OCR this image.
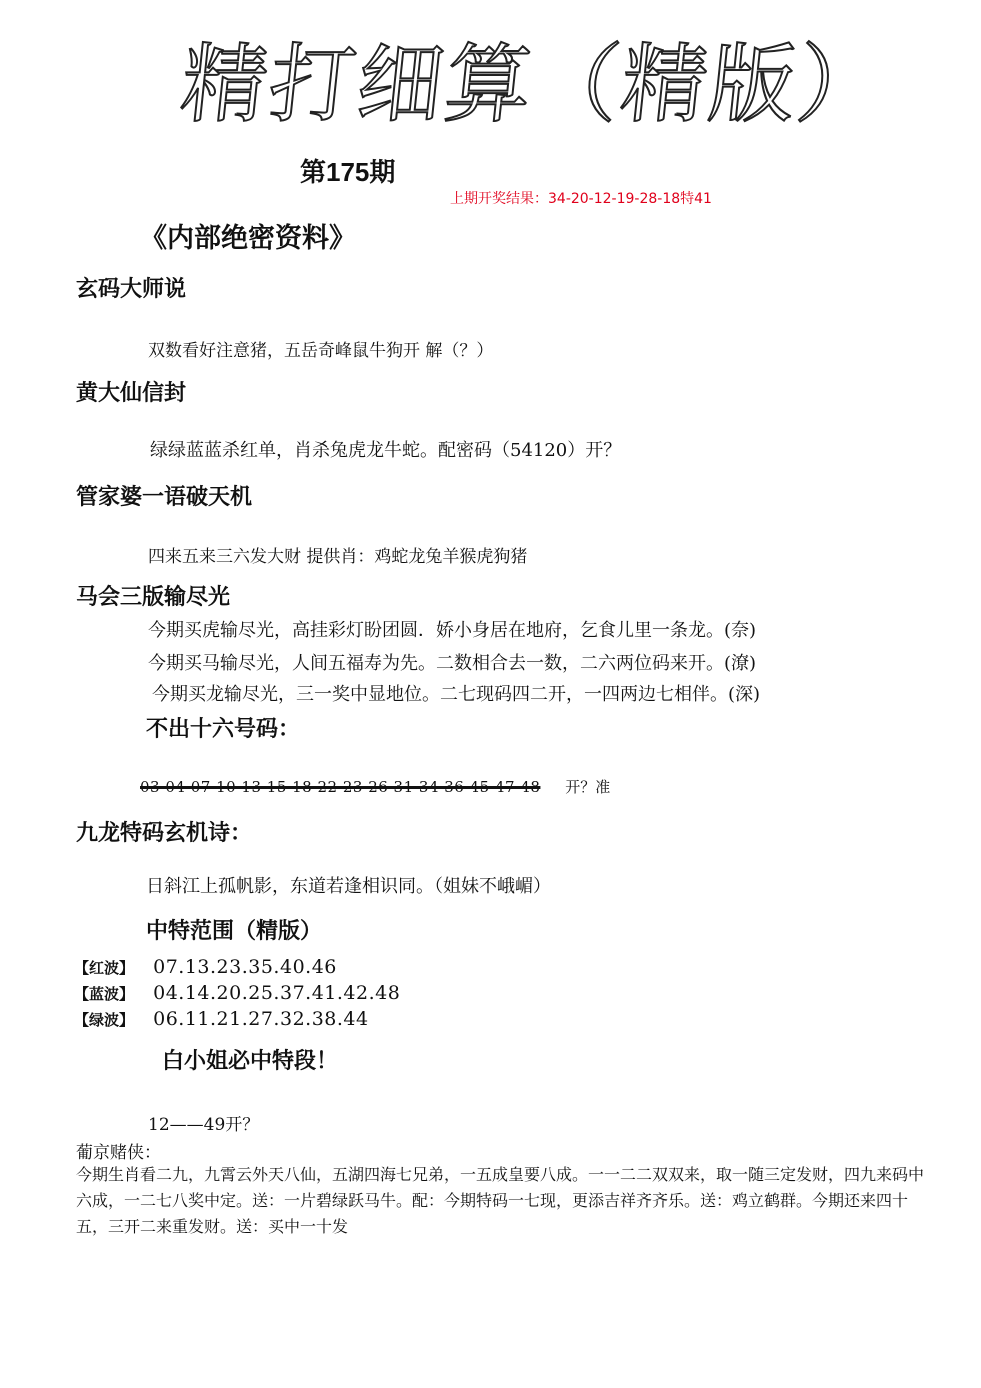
精打细算（精版）
第175期
上期开奖结果：34-20-12-19-28-18特41
《内部绝密资料》
玄码大师说
双数看好注意猪，五岳奇峰鼠牛狗开 解（？）
黄大仙信封
绿绿蓝蓝杀红单，肖杀兔虎龙牛蛇。配密码（54120）开？
管家婆一语破天机
四来五来三六发大财 提供肖：鸡蛇龙兔羊猴虎狗猪
马会三版输尽光
今期买虎输尽光，高挂彩灯盼团圆．娇小身居在地府，乞食儿里一条龙。(奈)
今期买马输尽光，人间五福寿为先。二数相合去一数，二六两位码来开。(潦)
今期买龙输尽光，三一奖中显地位。二七现码四二开，一四两边七相伴。(深)
不出十六号码：
03 04 07 10 13 15 18 22 23 26 31 34 36 45 47 48 开？准
九龙特码玄机诗：
日斜江上孤帆影，东道若逢相识同。（姐妹不峨嵋）
中特范围（精版）
【红波】 07.13.23.35.40.46
【蓝波】 04.14.20.25.37.41.42.48
【绿波】 06.11.21.27.32.38.44
白小姐必中特段！
12——49开？
葡京赌侠：
今期生肖看二九，九霄云外天八仙，五湖四海七兄弟，一五成皇要八成。一一二二双双来，取一随三定发财，四九来码中六成，一二七八奖中定。送：一片碧绿跃马牛。配：今期特码一七现，更添吉祥齐齐乐。送：鸡立鹤群。今期还来四十五，三开二来重发财。送：买中一十发
